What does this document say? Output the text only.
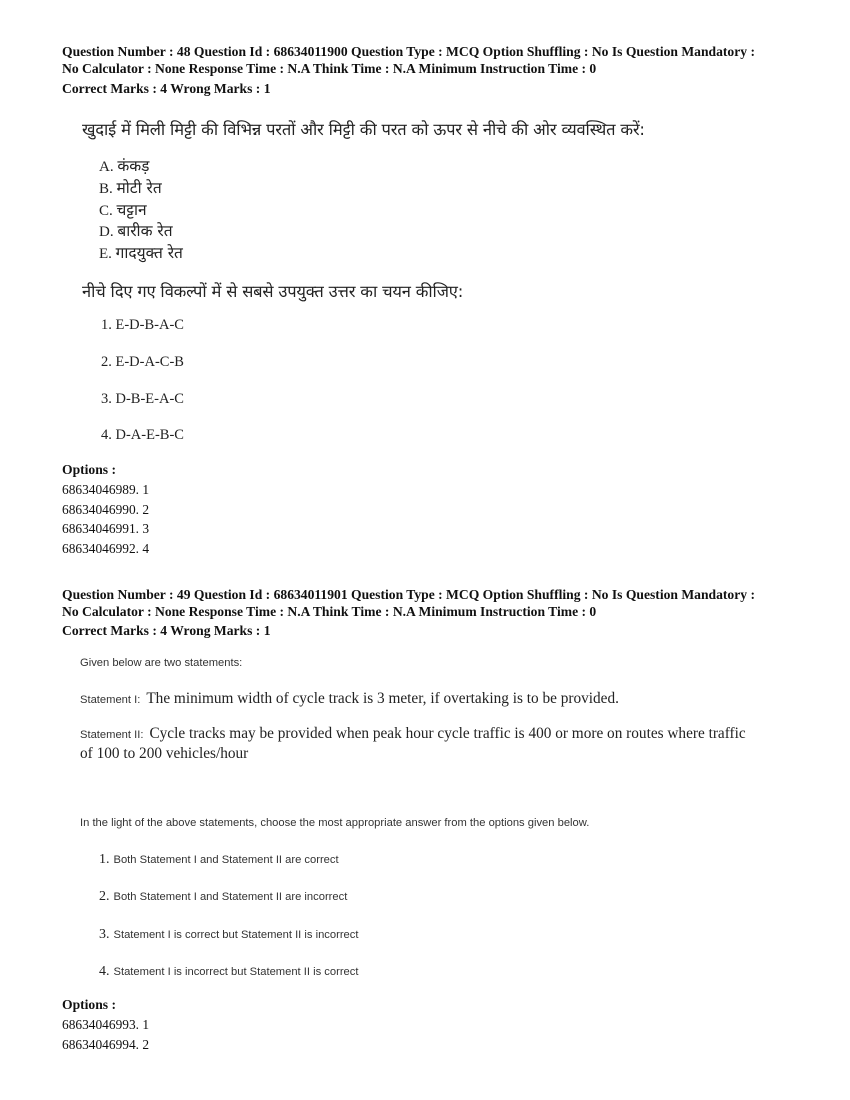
Question Number : 48 Question Id : 68634011900 Question Type : MCQ Option Shuffling : No Is Question Mandatory :
No Calculator : None Response Time : N.A Think Time : N.A Minimum Instruction Time : 0
Correct Marks : 4 Wrong Marks : 1
खुदाई में मिली मिट्टी की विभिन्न परतों और मिट्टी की परत को ऊपर से नीचे की ओर व्यवस्थित करें:
A. कंकड़
B. मोटी रेत
C. चट्टान
D. बारीक रेत
E. गादयुक्त रेत
नीचे दिए गए विकल्पों में से सबसे उपयुक्त उत्तर का चयन कीजिए:
1. E-D-B-A-C
2. E-D-A-C-B
3. D-B-E-A-C
4. D-A-E-B-C
Options :
68634046989. 1
68634046990. 2
68634046991. 3
68634046992. 4
Question Number : 49 Question Id : 68634011901 Question Type : MCQ Option Shuffling : No Is Question Mandatory :
No Calculator : None Response Time : N.A Think Time : N.A Minimum Instruction Time : 0
Correct Marks : 4 Wrong Marks : 1
Given below are two statements:
Statement I: The minimum width of cycle track is 3 meter, if overtaking is to be provided.
Statement II: Cycle tracks may be provided when peak hour cycle traffic is 400 or more on routes where traffic
of 100 to 200 vehicles/hour
In the light of the above statements, choose the most appropriate answer from the options given below.
1. Both Statement I and Statement II are correct
2. Both Statement I and Statement II are incorrect
3. Statement I is correct but Statement II is incorrect
4. Statement I is incorrect but Statement II is correct
Options :
68634046993. 1
68634046994. 2
